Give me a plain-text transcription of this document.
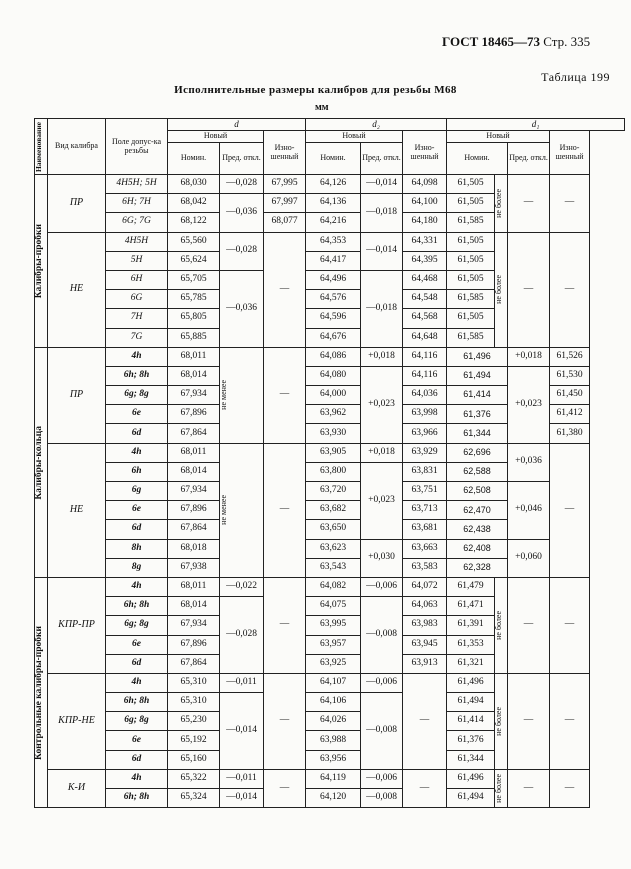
ГОСТ 18465—73 Стр. 335
Таблица 199
Исполнительные размеры калибров для резьбы М68
мм
Наименование	Вид калибра	Поле допус-ка резьбы	d			d₂			d₁			
			Новый		Изно-шенный	Новый		Изно-шенный	Новый			Изно-шенный
			Номин.	Пред. откл.		Номин.	Пред. откл.		Номин.		Пред. откл.	

Калибры-пробки	ПР	4H5H; 5H	68,030	—0,028	67,995	64,126	—0,014	64,098	61,505	не более	—	—
		6H; 7H	68,042	—0,036	67,997	64,136	—0,018	64,100	61,505			
		6G; 7G	68,122		68,077	64,216		64,180	61,585			
	НЕ	4H5H	65,560	—0,028	—	64,353	—0,014	64,331	61,505	не более	—	—
		5H	65,624			64,417		64,395	61,505			
		6H	65,705	—0,036		64,496	—0,018	64,468	61,505			
		6G	65,785			64,576		64,548	61,585			
		7H	65,805			64,596		64,568	61,505			
		7G	65,885			64,676		64,648	61,585			

Калибры-кольца	ПР	4h	68,011	не менее	—	64,086	+0,018	64,116	61,496		+0,018	61,526
		6h; 8h	68,014			64,080	+0,023	64,116	61,494		+0,023	61,530
		6g; 8g	67,934			64,000		64,036	61,414			61,450
		6e	67,896			63,962		63,998	61,376			61,412
		6d	67,864			63,930		63,966	61,344			61,380
	НЕ	4h	68,011	не менее	—	63,905	+0,018	63,929	62,696		+0,036	—
		6h	68,014			63,800	+0,023	63,831	62,588			
		6g	67,934			63,720		63,751	62,508		+0,046	
		6e	67,896			63,682		63,713	62,470			
		6d	67,864			63,650		63,681	62,438			
		8h	68,018			63,623	+0,030	63,663	62,408		+0,060	
		8g	67,938			63,543		63,583	62,328			

Контрольные калибры-пробки	КПР-ПР	4h	68,011	—0,022	—	64,082	—0,006	64,072	61,479	не более	—	—
		6h; 8h	68,014	—0,028		64,075	—0,008	64,063	61,471			
		6g; 8g	67,934			63,995		63,983	61,391			
		6e	67,896			63,957		63,945	61,353			
		6d	67,864			63,925		63,913	61,321			
	КПР-НЕ	4h	65,310	—0,011	—	64,107	—0,006	—	61,496	не более	—	—
		6h; 8h	65,310	—0,014		64,106	—0,008		61,494			
		6g; 8g	65,230			64,026			61,414			
		6e	65,192			63,988			61,376			
		6d	65,160			63,956			61,344			
	К-И	4h	65,322	—0,011	—	64,119	—0,006	—	61,496	не более	—	—
		6h; 8h	65,324	—0,014		64,120	—0,008		61,494			
